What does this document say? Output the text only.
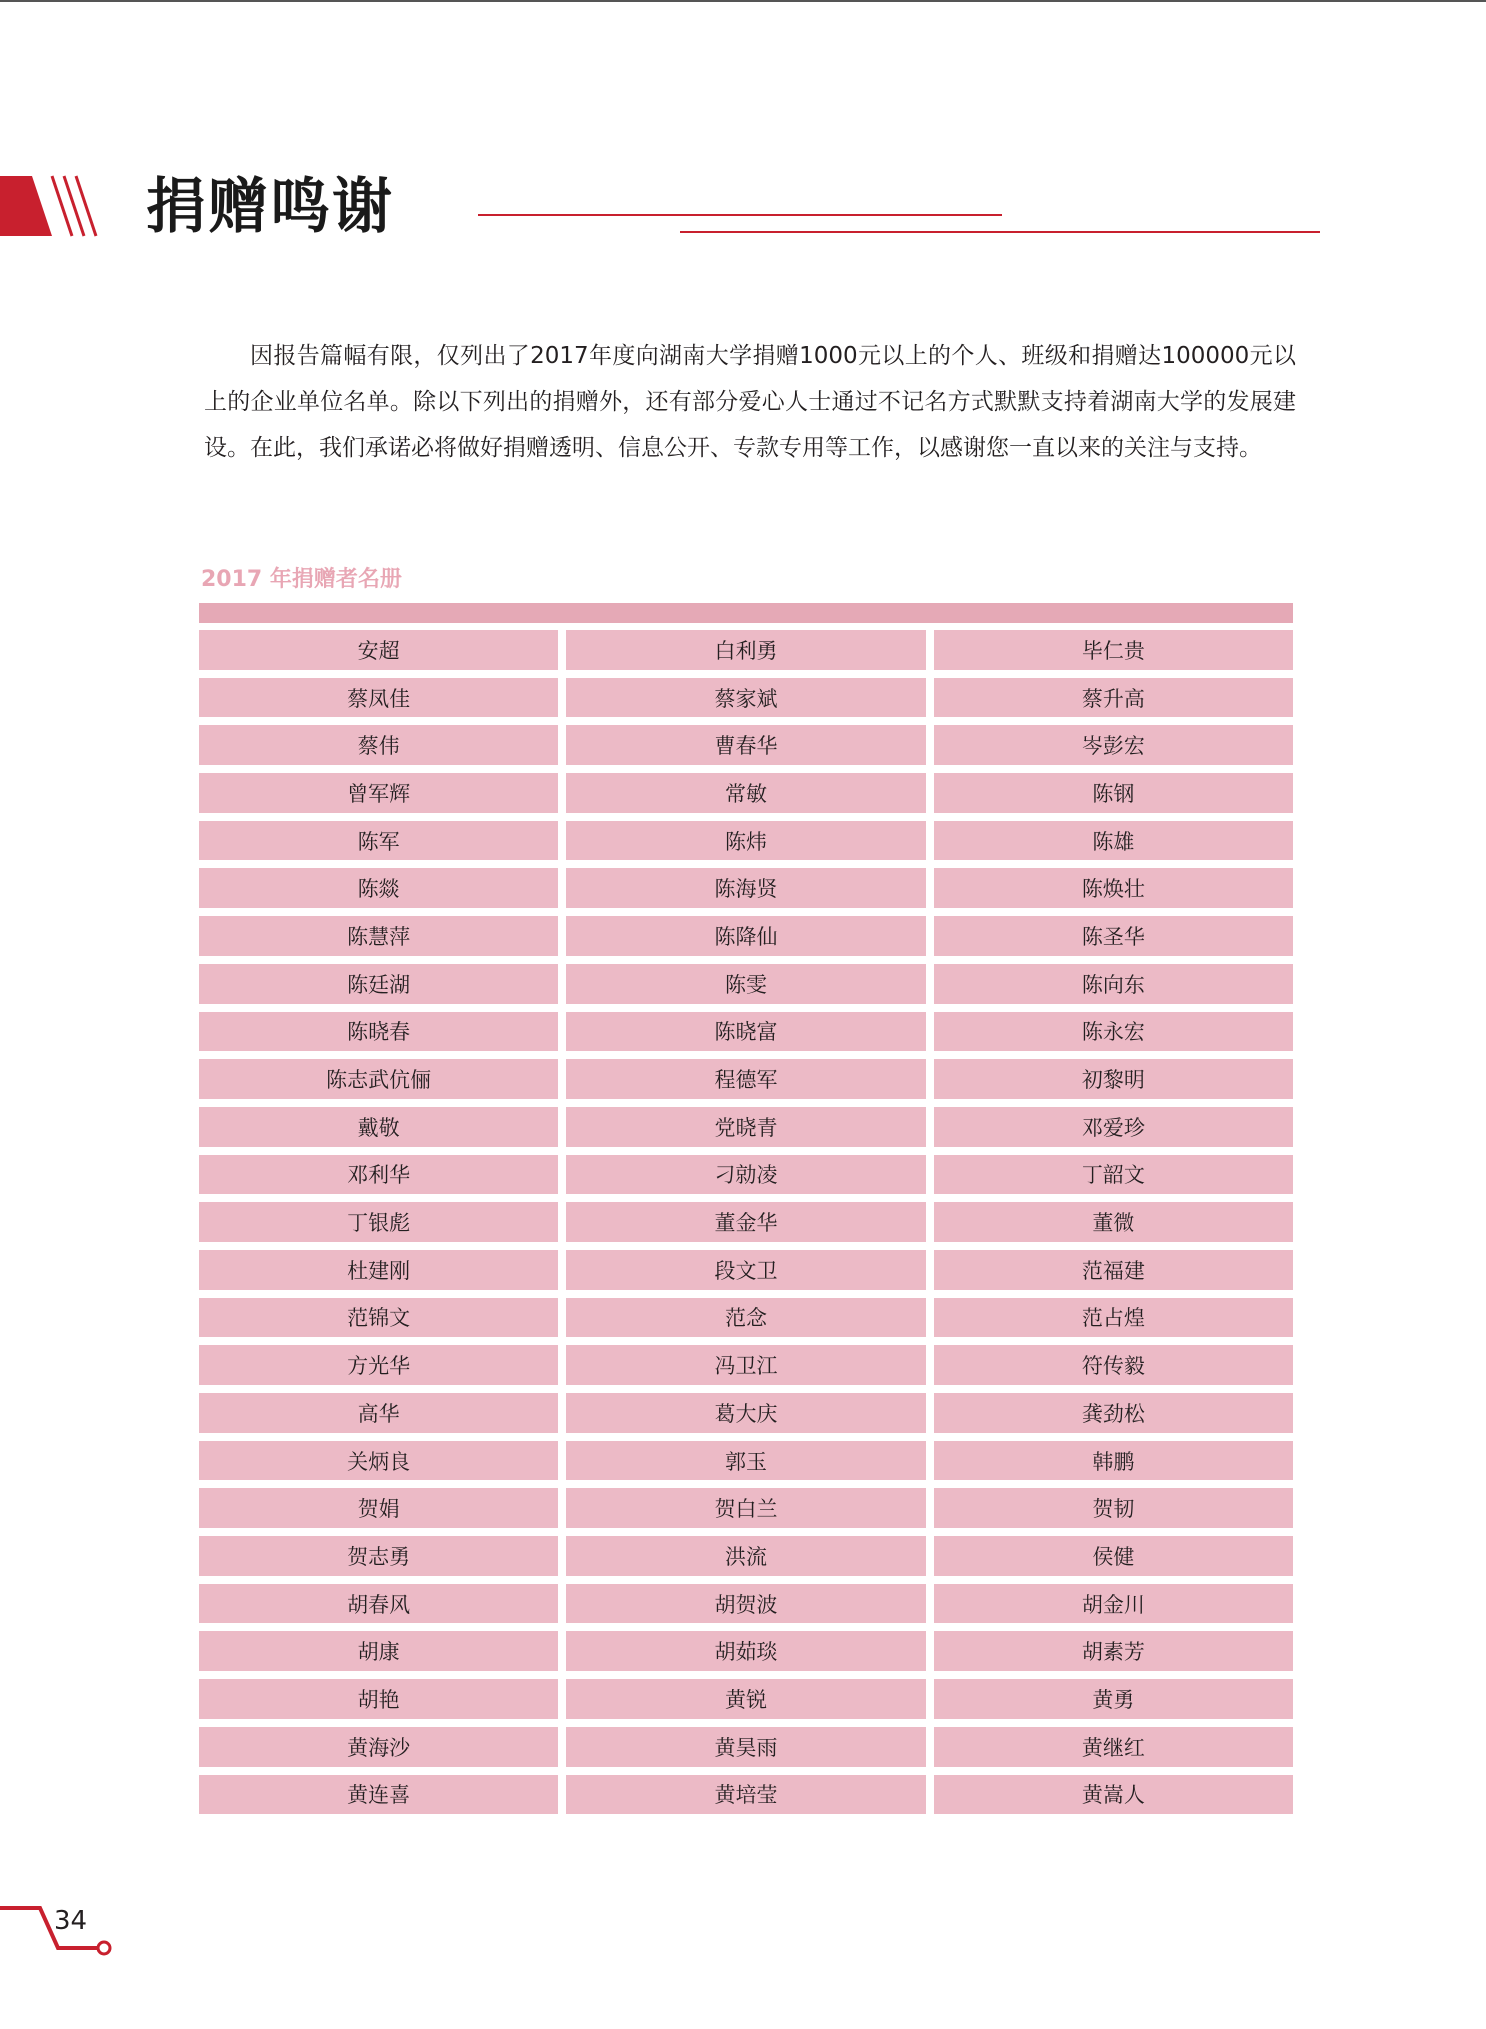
捐赠鸣谢

因报告篇幅有限，仅列出了2017年度向湖南大学捐赠1000元以上的个人、班级和捐赠达100000元以上的企业单位名单。除以下列出的捐赠外，还有部分爱心人士通过不记名方式默默支持着湖南大学的发展建设。在此，我们承诺必将做好捐赠透明、信息公开、专款专用等工作，以感谢您一直以来的关注与支持。

2017 年捐赠者名册
安超	白利勇	毕仁贵
蔡凤佳	蔡家斌	蔡升高
蔡伟	曹春华	岑彭宏
曾军辉	常敏	陈钢
陈军	陈炜	陈雄
陈燚	陈海贤	陈焕壮
陈慧萍	陈降仙	陈圣华
陈廷湖	陈雯	陈向东
陈晓春	陈晓富	陈永宏
陈志武伉俪	程德军	初黎明
戴敬	党晓青	邓爱珍
邓利华	刁勍凌	丁韶文
丁银彪	董金华	董微
杜建刚	段文卫	范福建
范锦文	范念	范占煌
方光华	冯卫江	符传毅
高华	葛大庆	龚劲松
关炳良	郭玉	韩鹏
贺娟	贺白兰	贺韧
贺志勇	洪流	侯健
胡春风	胡贺波	胡金川
胡康	胡茹琰	胡素芳
胡艳	黄锐	黄勇
黄海沙	黄昊雨	黄继红
黄连喜	黄培莹	黄嵩人
34
